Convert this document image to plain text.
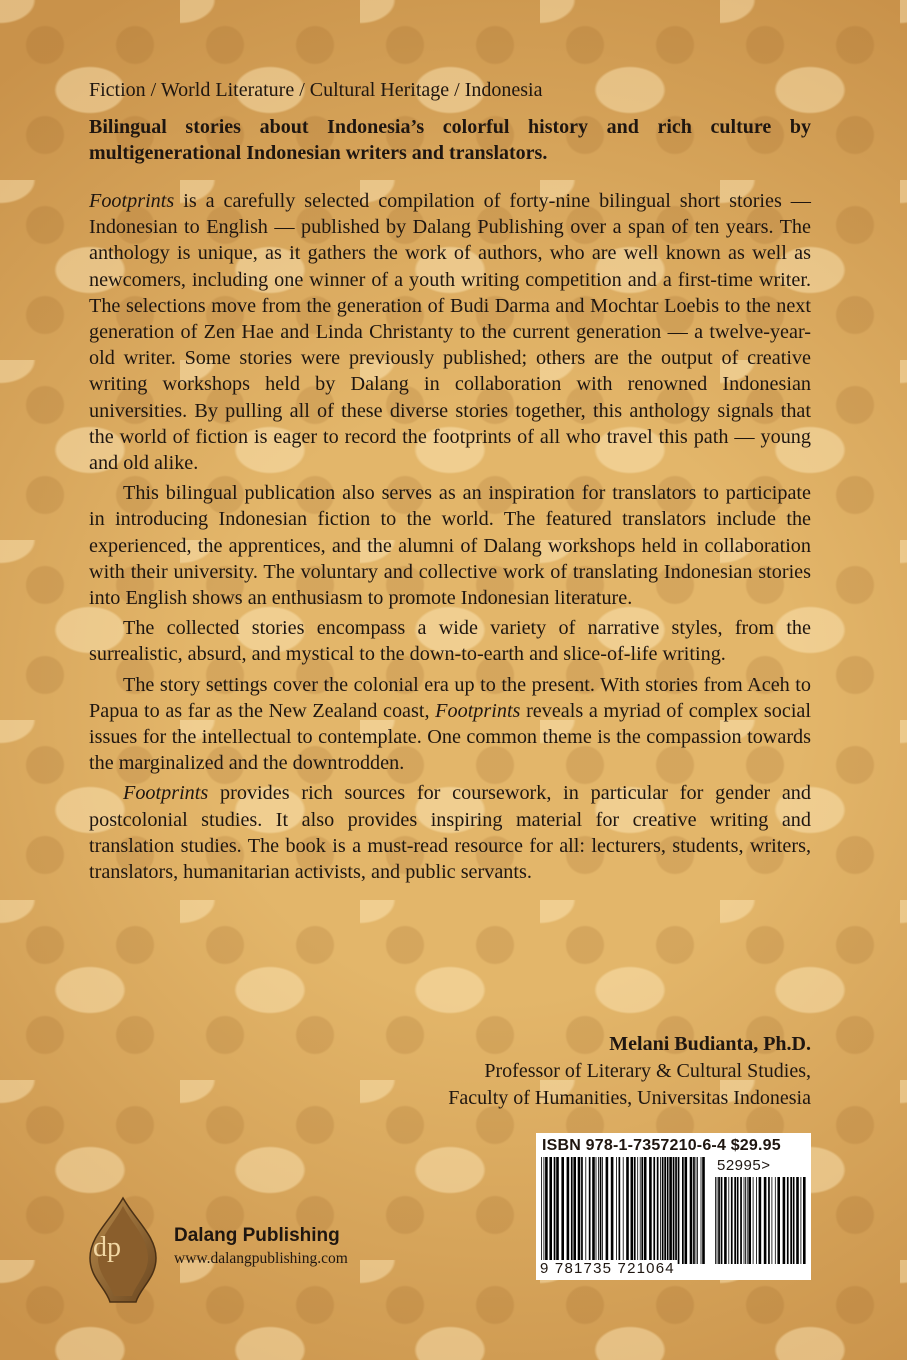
Fiction / World Literature / Cultural Heritage / Indonesia

Bilingual stories about Indonesia’s colorful history and rich culture by multigenerational Indonesian writers and translators.

Footprints is a carefully selected compilation of forty-nine bilingual short stories — Indonesian to English — published by Dalang Publishing over a span of ten years. The anthology is unique, as it gathers the work of authors, who are well known as well as newcomers, including one winner of a youth writing competition and a first-time writer. The selections move from the generation of Budi Darma and Mochtar Loebis to the next generation of Zen Hae and Linda Christanty to the current generation — a twelve-year-old writer. Some stories were previously published; others are the output of creative writing workshops held by Dalang in collaboration with renowned Indonesian universities. By pulling all of these diverse stories together, this anthology signals that the world of fiction is eager to record the footprints of all who travel this path — young and old alike.

This bilingual publication also serves as an inspiration for translators to participate in introducing Indonesian fiction to the world. The featured translators include the experienced, the apprentices, and the alumni of Dalang workshops held in collaboration with their university. The voluntary and collective work of translating Indonesian stories into English shows an enthusiasm to promote Indonesian literature.

The collected stories encompass a wide variety of narrative styles, from the surrealistic, absurd, and mystical to the down-to-earth and slice-of-life writing.

The story settings cover the colonial era up to the present. With stories from Aceh to Papua to as far as the New Zealand coast, Footprints reveals a myriad of complex social issues for the intellectual to contemplate. One common theme is the compassion towards the marginalized and the downtrodden.

Footprints provides rich sources for coursework, in particular for gender and postcolonial studies. It also provides inspiring material for creative writing and translation studies. The book is a must-read resource for all: lecturers, students, writers, translators, humanitarian activists, and public servants.

Melani Budianta, Ph.D.
Professor of Literary & Cultural Studies,
Faculty of Humanities, Universitas Indonesia
ISBN 978-1-7357210-6-4 $29.95
52995>
9 781735 721064
dp	Dalang Publishing
www.dalangpublishing.com
